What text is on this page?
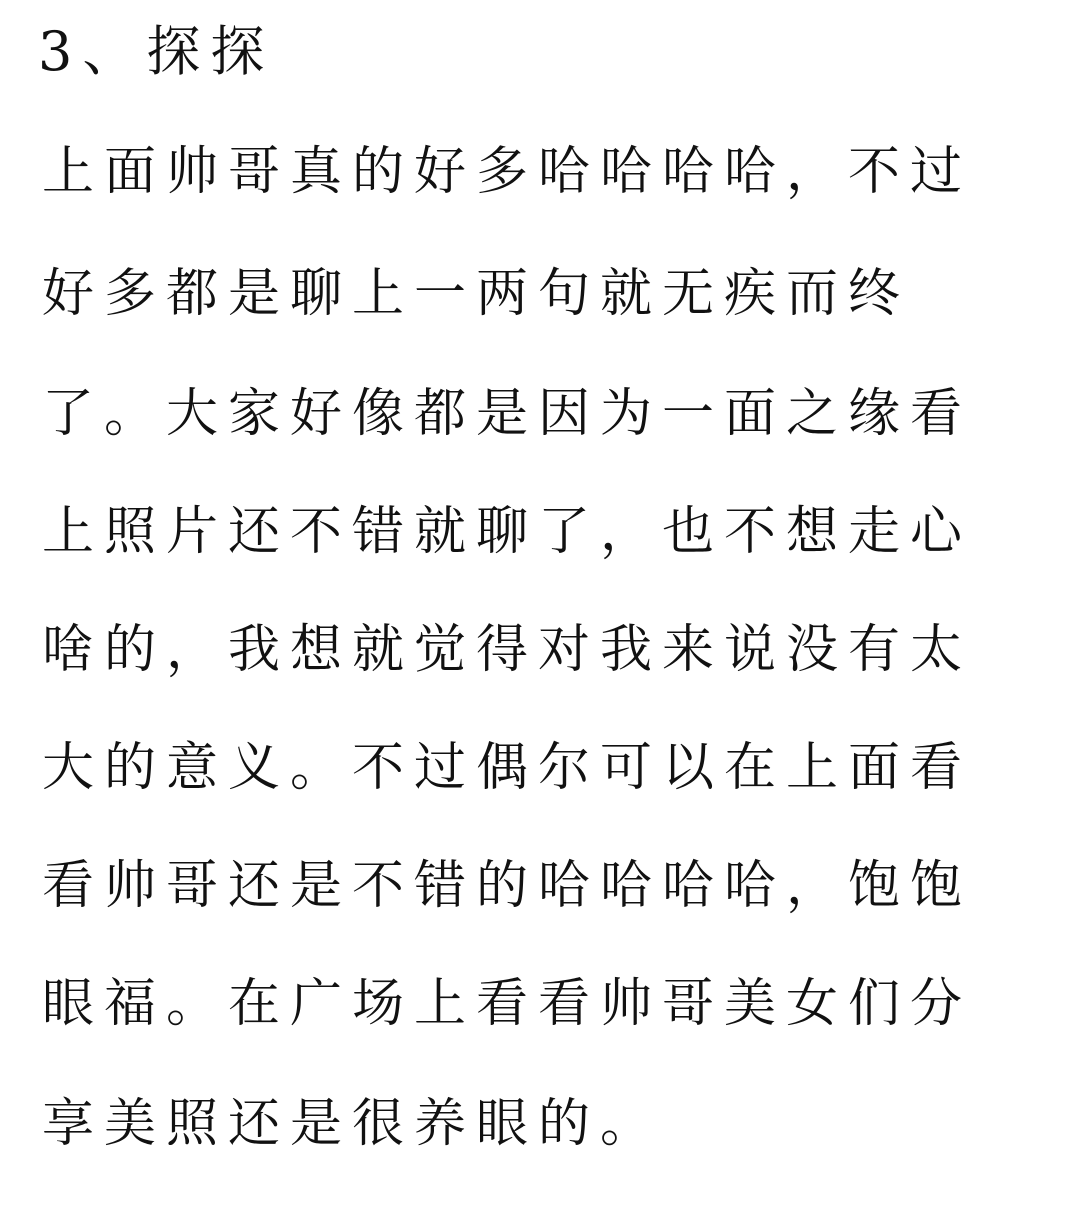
3、探探
上面帅哥真的好多哈哈哈哈，不过
好多都是聊上一两句就无疾而终
了。大家好像都是因为一面之缘看
上照片还不错就聊了，也不想走心
啥的，我想就觉得对我来说没有太
大的意义。不过偶尔可以在上面看
看帅哥还是不错的哈哈哈哈，饱饱
眼福。在广场上看看帅哥美女们分
享美照还是很养眼的。
